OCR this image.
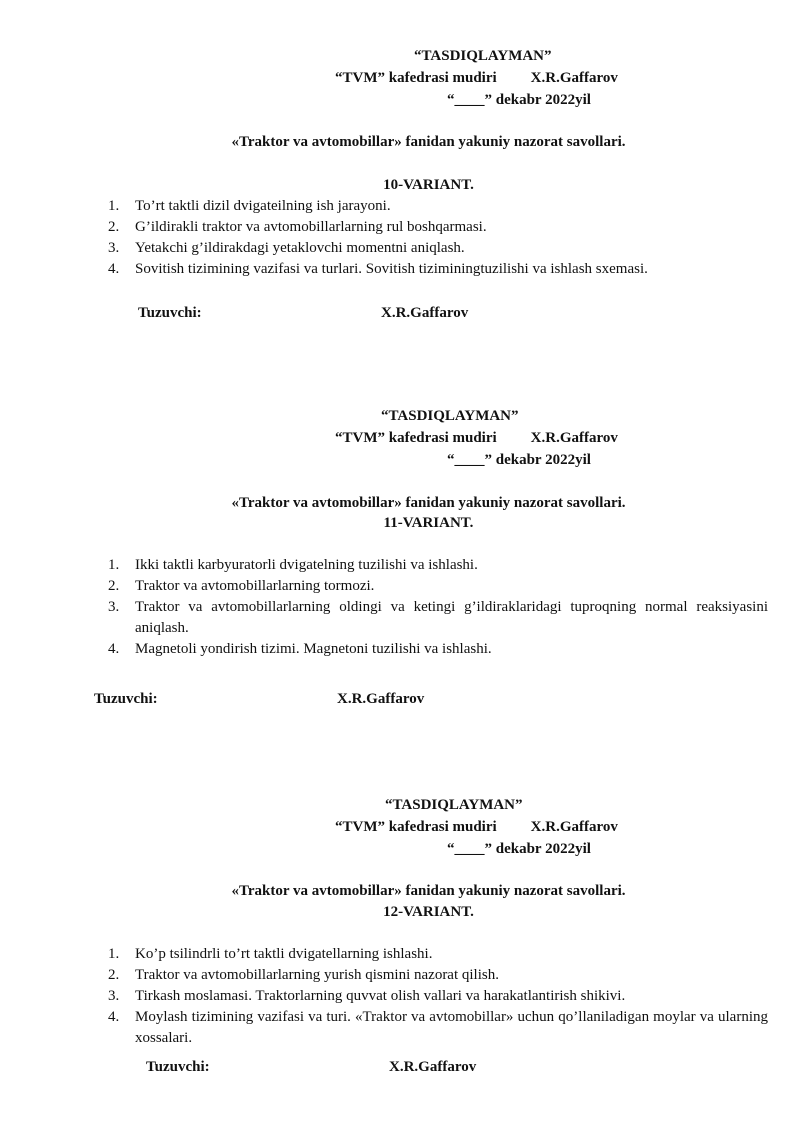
“TASDIQLAYMAN”
“TVM” kafedrasi mudiri X.R.Gaffarov
“____” dekabr 2022yil
«Traktor va avtomobillar» fanidan yakuniy nazorat savollari.
10-VARIANT.
1.	To’rt taktli dizil dvigateilning ish jarayoni.
2.	G’ildirakli traktor va avtomobillarlarning rul boshqarmasi.
3.	Yetakchi g’ildirakdagi yetaklovchi momentni aniqlash.
4.	Sovitish tizimining vazifasi va turlari. Sovitish tiziminingtuzilishi va ishlash sxemasi.
Tuzuvchi:	X.R.Gaffarov
“TASDIQLAYMAN”
“TVM” kafedrasi mudiri X.R.Gaffarov
“____” dekabr 2022yil
«Traktor va avtomobillar» fanidan yakuniy nazorat savollari.
11-VARIANT.
1.	Ikki taktli karbyuratorli dvigatelning tuzilishi va ishlashi.
2.	Traktor va avtomobillarlarning tormozi.
3.	Traktor va avtomobillarlarning oldingi va ketingi g’ildiraklaridagi tuproqning normal reaksiyasini aniqlash.
4.	Magnetoli yondirish tizimi. Magnetoni tuzilishi va ishlashi.
Tuzuvchi:	X.R.Gaffarov
“TASDIQLAYMAN”
“TVM” kafedrasi mudiri X.R.Gaffarov
“____” dekabr 2022yil
«Traktor va avtomobillar» fanidan yakuniy nazorat savollari.
12-VARIANT.
1.	Ko’p tsilindrli to’rt taktli dvigatellarning ishlashi.
2.	Traktor va avtomobillarlarning yurish qismini nazorat qilish.
3.	Tirkash moslamasi. Traktorlarning quvvat olish vallari va harakatlantirish shikivi.
4.	Moylash tizimining vazifasi va turi. «Traktor va avtomobillar» uchun qo’llaniladigan moylar va ularning xossalari.
Tuzuvchi:	X.R.Gaffarov
